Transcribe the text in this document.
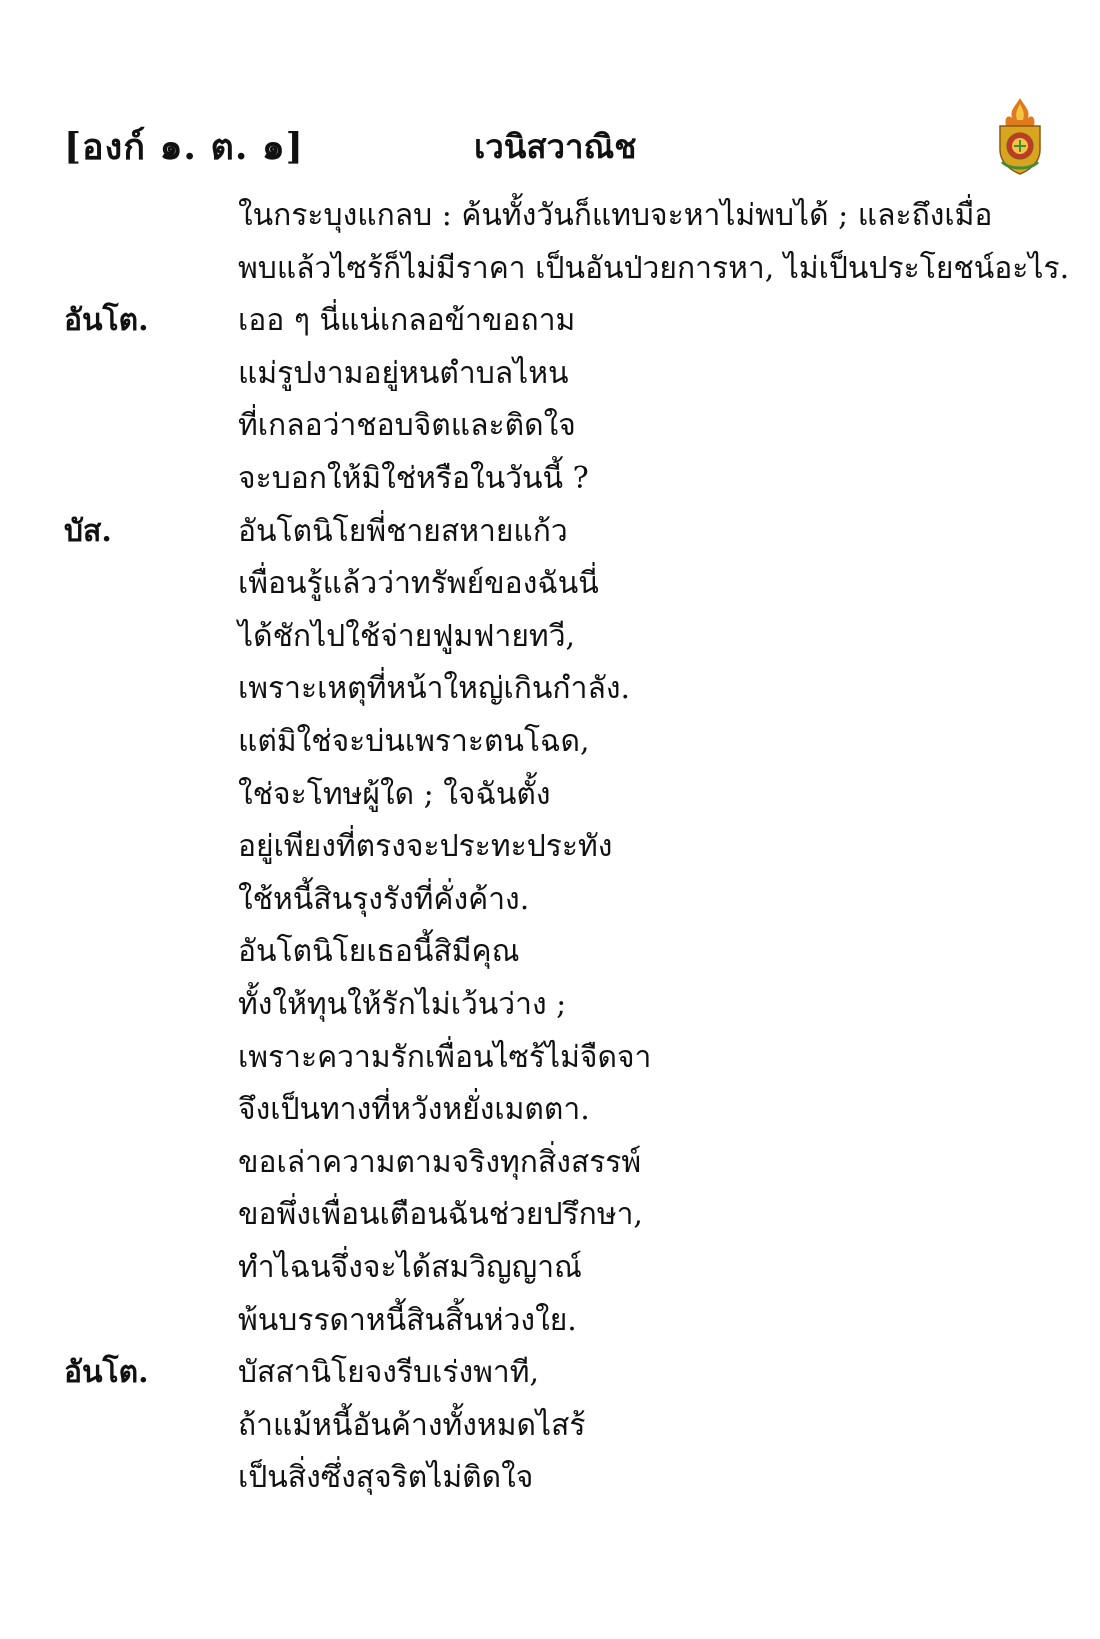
[องก์ ๑. ต. ๑]	เวนิสวาณิช
ในกระบุงแกลบ : ค้นทั้งวันก็แทบจะหาไม่พบได้ ; และถึงเมื่อ
พบแล้วไซร้ก็ไม่มีราคา เป็นอันป่วยการหา, ไม่เป็นประโยชน์อะไร.
อันโต.	เออ ๆ นี่แน่เกลอข้าขอถาม
แม่รูปงามอยู่หนตำบลไหน
ที่เกลอว่าชอบจิตและติดใจ
จะบอกให้มิใช่หรือในวันนี้ ?
บัส.	อันโตนิโยพี่ชายสหายแก้ว
เพื่อนรู้แล้วว่าทรัพย์ของฉันนี่
ได้ชักไปใช้จ่ายฟูมฟายทวี,
เพราะเหตุที่หน้าใหญ่เกินกำลัง.
แต่มิใช่จะบ่นเพราะตนโฉด,
ใช่จะโทษผู้ใด ; ใจฉันตั้ง
อยู่เพียงที่ตรงจะประทะประทัง
ใช้หนี้สินรุงรังที่คั่งค้าง.
อันโตนิโยเธอนี้สิมีคุณ
ทั้งให้ทุนให้รักไม่เว้นว่าง ;
เพราะความรักเพื่อนไซร้ไม่จืดจา
จึงเป็นทางที่หวังหยั่งเมตตา.
ขอเล่าความตามจริงทุกสิ่งสรรพ์
ขอพึ่งเพื่อนเตือนฉันช่วยปรึกษา,
ทำไฉนจึ่งจะได้สมวิญญาณ์
พ้นบรรดาหนี้สินสิ้นห่วงใย.
อันโต.	บัสสานิโยจงรีบเร่งพาที,
ถ้าแม้หนี้อันค้างทั้งหมดไสร้
เป็นสิ่งซึ่งสุจริตไม่ติดใจ
